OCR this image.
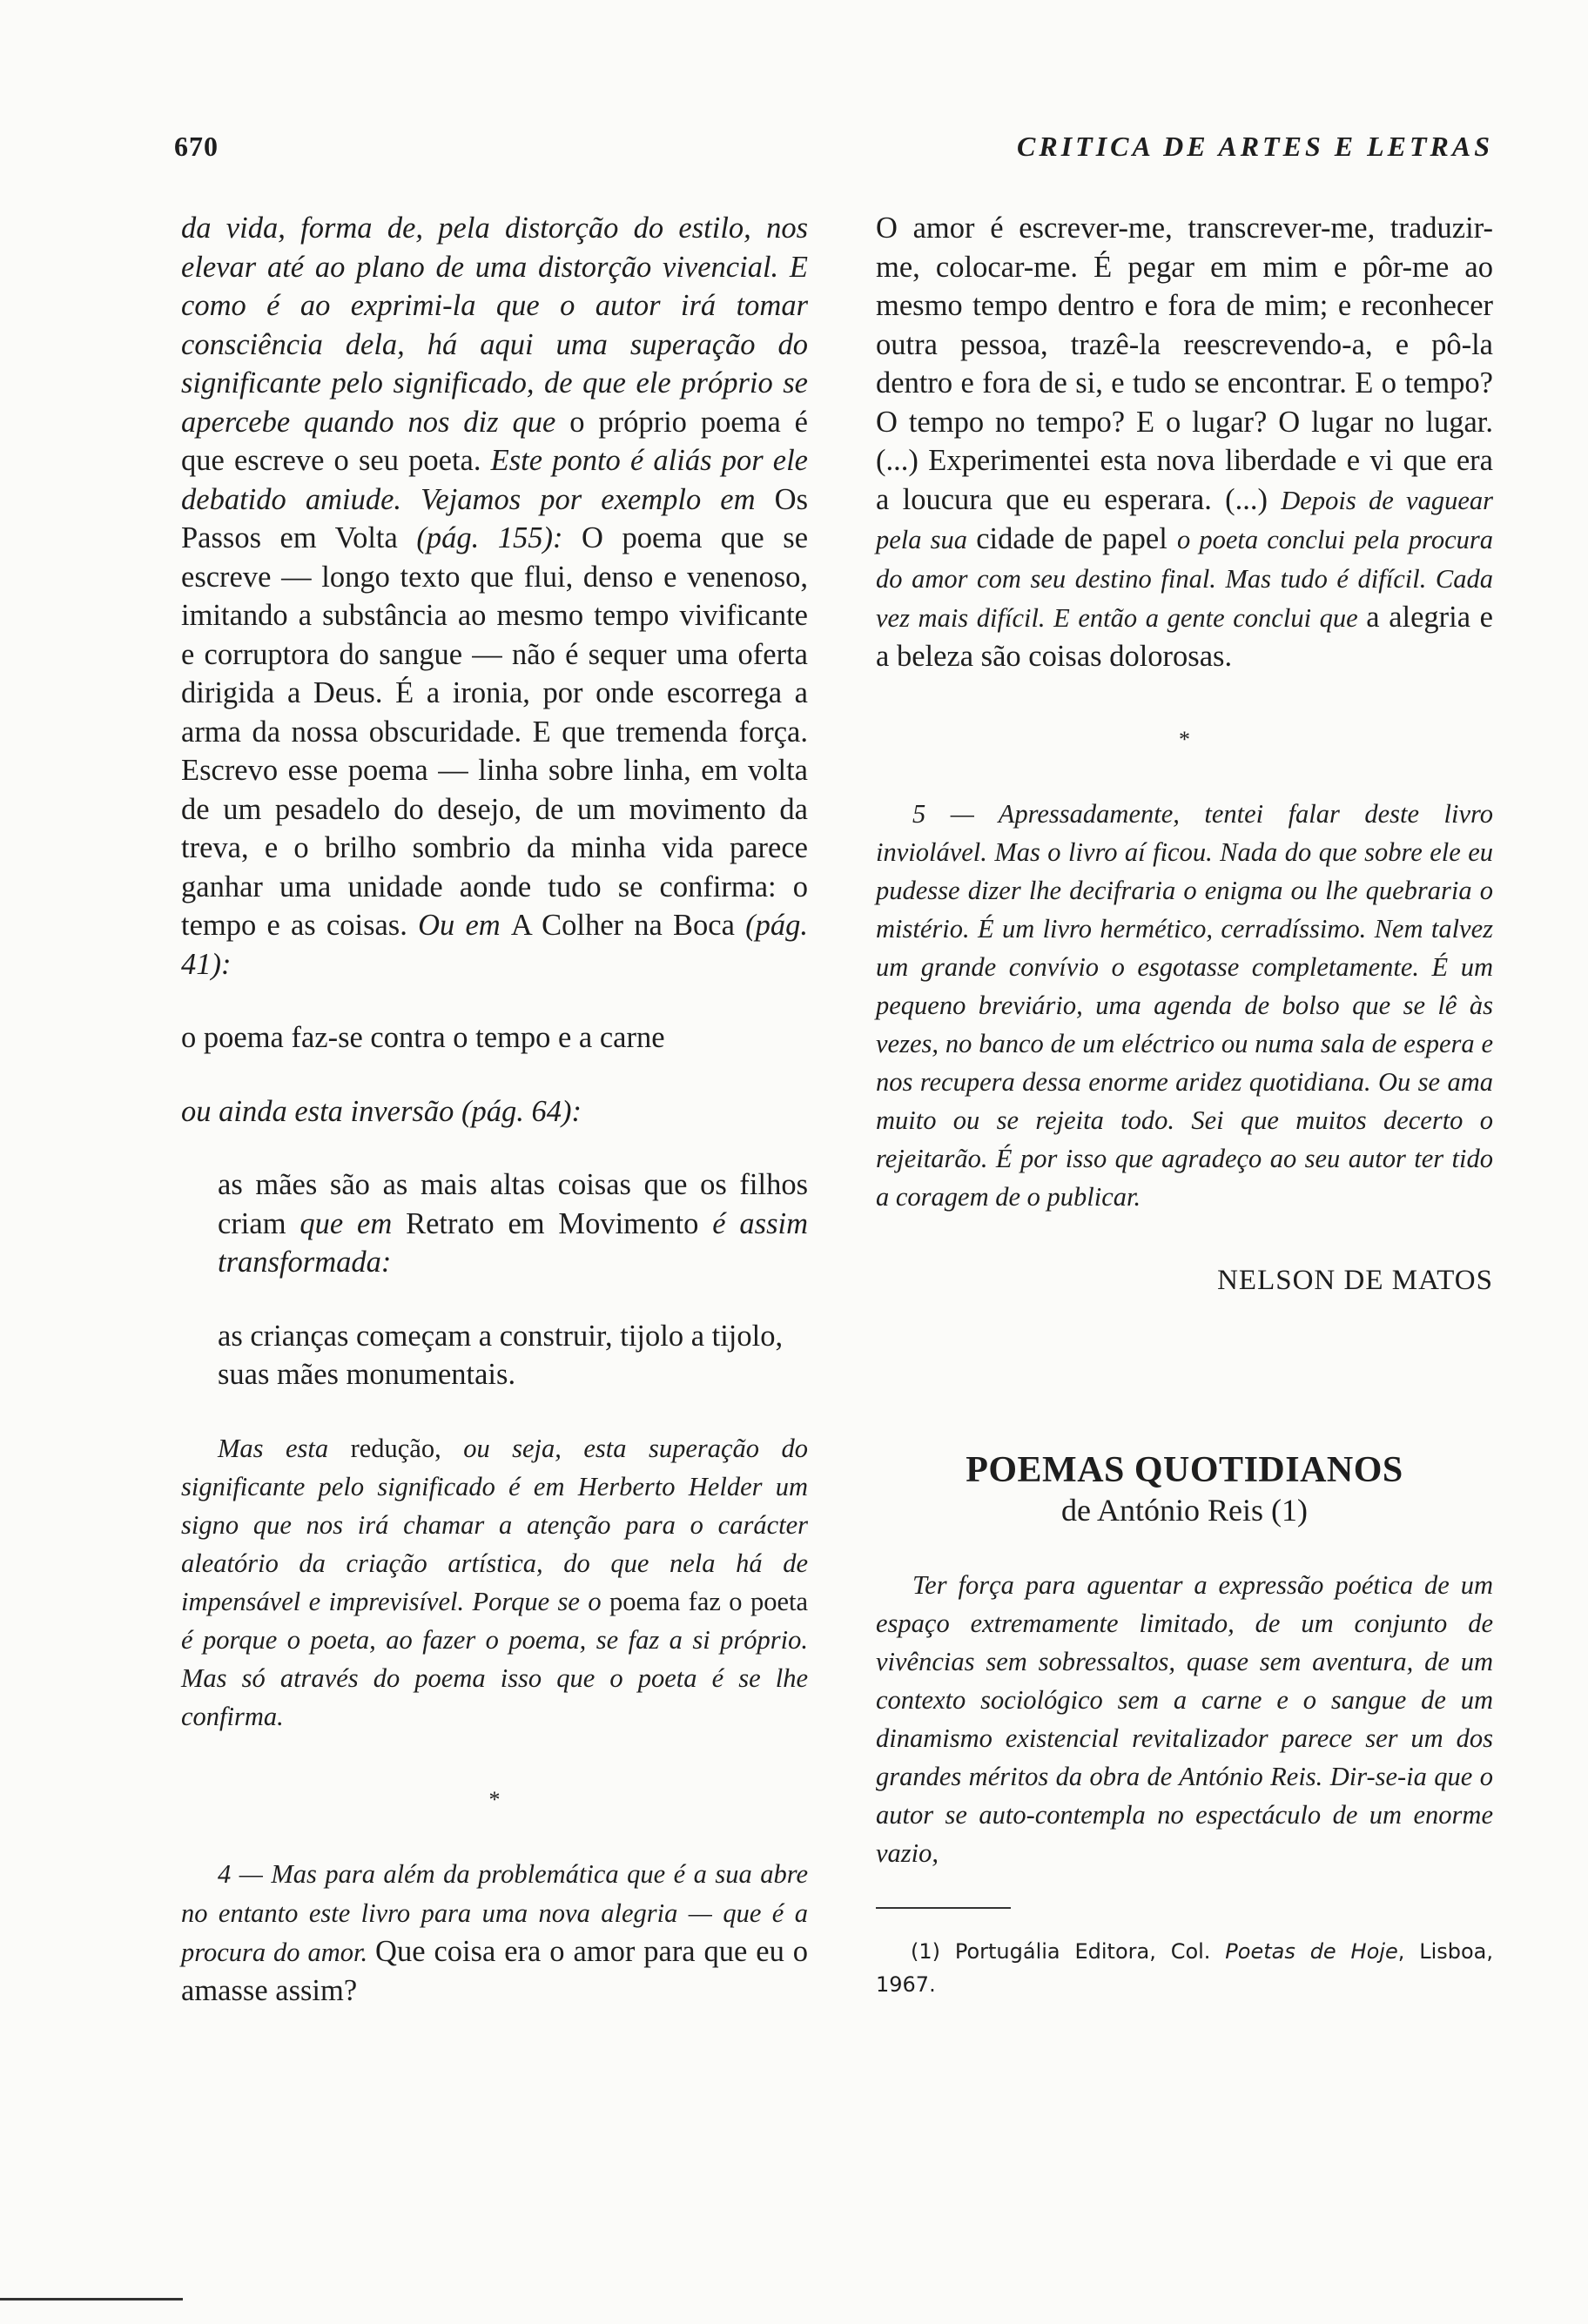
670	CRITICA DE ARTES E LETRAS

da vida, forma de, pela distorção do estilo, nos elevar até ao plano de uma distorção vivencial. E como é ao exprimi-la que o autor irá tomar consciência dela, há aqui uma superação do significante pelo significado, de que ele próprio se apercebe quando nos diz que o próprio poema é que escreve o seu poeta. Este ponto é aliás por ele debatido amiude. Vejamos por exemplo em Os Passos em Volta (pág. 155): O poema que se escreve — longo texto que flui, denso e venenoso, imitando a substância ao mesmo tempo vivificante e corruptora do sangue — não é sequer uma oferta dirigida a Deus. É a ironia, por onde escorrega a arma da nossa obscuridade. E que tremenda força. Escrevo esse poema — linha sobre linha, em volta de um pesadelo do desejo, de um movimento da treva, e o brilho sombrio da minha vida parece ganhar uma unidade aonde tudo se confirma: o tempo e as coisas. Ou em A Colher na Boca (pág. 41):

o poema faz-se contra o tempo e a carne

ou ainda esta inversão (pág. 64):

as mães são as mais altas coisas que os filhos criam que em Retrato em Movimento é assim transformada:

as crianças começam a construir, tijolo a tijolo, suas mães monumentais.

Mas esta redução, ou seja, esta superação do significante pelo significado é em Herberto Helder um signo que nos irá chamar a atenção para o carácter aleatório da criação artística, do que nela há de impensável e imprevisível. Porque se o poema faz o poeta é porque o poeta, ao fazer o poema, se faz a si próprio. Mas só através do poema isso que o poeta é se lhe confirma.

*

4 — Mas para além da problemática que é a sua abre no entanto este livro para uma nova alegria — que é a procura do amor. Que coisa era o amor para que eu o amasse assim?

O amor é escrever-me, transcrever-me, traduzir-me, colocar-me. É pegar em mim e pôr-me ao mesmo tempo dentro e fora de mim; e reconhecer outra pessoa, trazê-la reescrevendo-a, e pô-la dentro e fora de si, e tudo se encontrar. E o tempo? O tempo no tempo? E o lugar? O lugar no lugar. (...) Experimentei esta nova liberdade e vi que era a loucura que eu esperara. (...) Depois de vaguear pela sua cidade de papel o poeta conclui pela procura do amor com seu destino final. Mas tudo é difícil. Cada vez mais difícil. E então a gente conclui que a alegria e a beleza são coisas dolorosas.

*

5 — Apressadamente, tentei falar deste livro inviolável. Mas o livro aí ficou. Nada do que sobre ele eu pudesse dizer lhe decifraria o enigma ou lhe quebraria o mistério. É um livro hermético, cerradíssimo. Nem talvez um grande convívio o esgotasse completamente. É um pequeno breviário, uma agenda de bolso que se lê às vezes, no banco de um eléctrico ou numa sala de espera e nos recupera dessa enorme aridez quotidiana. Ou se ama muito ou se rejeita todo. Sei que muitos decerto o rejeitarão. É por isso que agradeço ao seu autor ter tido a coragem de o publicar.

NELSON DE MATOS
POEMAS QUOTIDIANOS
de António Reis (1)

Ter força para aguentar a expressão poética de um espaço extremamente limitado, de um conjunto de vivências sem sobressaltos, quase sem aventura, de um contexto sociológico sem a carne e o sangue de um dinamismo existencial revitalizador parece ser um dos grandes méritos da obra de António Reis. Dir-se-ia que o autor se auto-contempla no espectáculo de um enorme vazio,

(1) Portugália Editora, Col. Poetas de Hoje, Lisboa, 1967.
